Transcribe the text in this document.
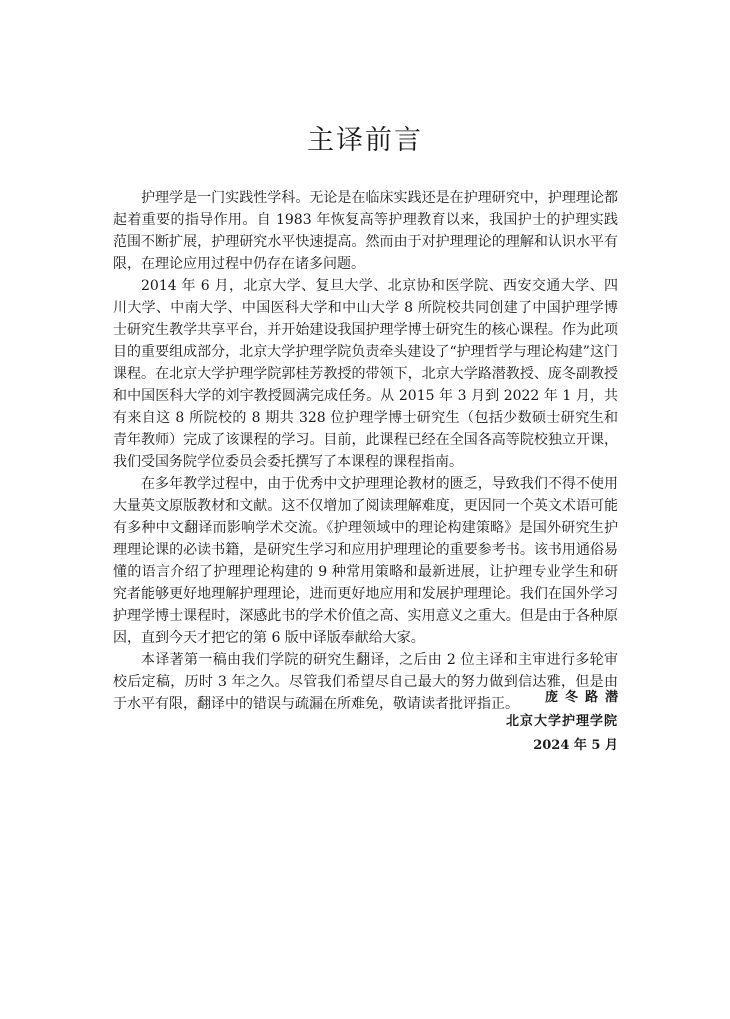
主译前言

护理学是一门实践性学科。无论是在临床实践还是在护理研究中，护理理论都起着重要的指导作用。自 1983 年恢复高等护理教育以来，我国护士的护理实践范围不断扩展，护理研究水平快速提高。然而由于对护理理论的理解和认识水平有限，在理论应用过程中仍存在诸多问题。

2014 年 6 月，北京大学、复旦大学、北京协和医学院、西安交通大学、四川大学、中南大学、中国医科大学和中山大学 8 所院校共同创建了中国护理学博士研究生教学共享平台，并开始建设我国护理学博士研究生的核心课程。作为此项目的重要组成部分，北京大学护理学院负责牵头建设了“护理哲学与理论构建”这门课程。在北京大学护理学院郭桂芳教授的带领下，北京大学路潜教授、庞冬副教授和中国医科大学的刘宇教授圆满完成任务。从 2015 年 3 月到 2022 年 1 月，共有来自这 8 所院校的 8 期共 328 位护理学博士研究生（包括少数硕士研究生和青年教师）完成了该课程的学习。目前，此课程已经在全国各高等院校独立开课，我们受国务院学位委员会委托撰写了本课程的课程指南。

在多年教学过程中，由于优秀中文护理理论教材的匮乏，导致我们不得不使用大量英文原版教材和文献。这不仅增加了阅读理解难度，更因同一个英文术语可能有多种中文翻译而影响学术交流。《护理领域中的理论构建策略》是国外研究生护理理论课的必读书籍，是研究生学习和应用护理理论的重要参考书。该书用通俗易懂的语言介绍了护理理论构建的 9 种常用策略和最新进展，让护理专业学生和研究者能够更好地理解护理理论，进而更好地应用和发展护理理论。我们在国外学习护理学博士课程时，深感此书的学术价值之高、实用意义之重大。但是由于各种原因，直到今天才把它的第 6 版中译版奉献给大家。

本译著第一稿由我们学院的研究生翻译，之后由 2 位主译和主审进行多轮审校后定稿，历时 3 年之久。尽管我们希望尽自己最大的努力做到信达雅，但是由于水平有限，翻译中的错误与疏漏在所难免，敬请读者批评指正。	庞冬路潜
北京大学护理学院
2024 年 5 月
